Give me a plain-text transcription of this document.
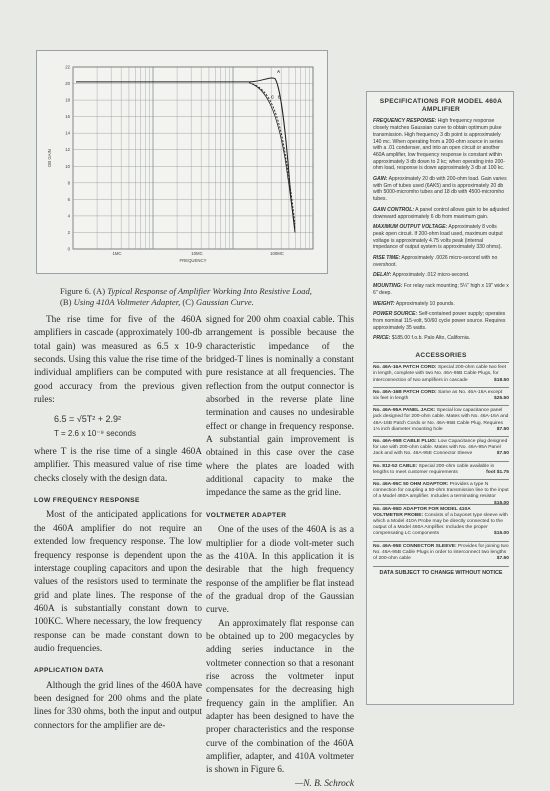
22
20
18
16
14
12
10
8
6
4
2
0
1MC	10MC	100MC
FREQUENCY
DB GAIN
A
C B
Figure 6. (A) Typical Response of Amplifier Working Into Resistive Load,
(B) Using 410A Voltmeter Adapter, (C) Gaussian Curve.

The rise time for five of the 460A amplifiers in cascade (approximately 100-db total gain) was measured as 6.5 x 10-9 seconds. Using this value the rise time of the individual amplifiers can be computed with good accuracy from the previous given rules:

6.5 = √5T² + 2.9²
T = 2.6 x 10⁻⁹ seconds

where T is the rise time of a single 460A amplifier. This measured value of rise time checks closely with the design data.

LOW FREQUENCY RESPONSE

Most of the anticipated applications for the 460A amplifier do not require an extended low frequency response. The low frequency response is dependent upon the interstage coupling capacitors and upon the values of the resistors used to terminate the grid and plate lines. The response of the 460A is substantially constant down to 100KC. Where necessary, the low frequency response can be made constant down to audio frequencies.

APPLICATION DATA

Although the grid lines of the 460A have been designed for 200 ohms and the plate lines for 330 ohms, both the input and output connectors for the amplifier are de-

signed for 200 ohm coaxial cable. This arrangement is possible because the characteristic impedance of the bridged-T lines is nominally a constant pure resistance at all frequencies. The reflection from the output connector is absorbed in the reverse plate line termination and causes no undesirable effect or change in frequency response. A substantial gain improvement is obtained in this case over the case where the plates are loaded with additional capacity to make the impedance the same as the grid line.

VOLTMETER ADAPTER

One of the uses of the 460A is as a multiplier for a diode volt-meter such as the 410A. In this application it is desirable that the high frequency response of the amplifier be flat instead of the gradual drop of the Gaussian curve.

An approximately flat response can be obtained up to 200 megacycles by adding series inductance in the voltmeter connection so that a resonant rise across the voltmeter input compensates for the decreasing high frequency gain in the amplifier. An adapter has been designed to have the proper characteristics and the response curve of the combination of the 460A amplifier, adapter, and 410A voltmeter is shown in Figure 6.

—N. B. Schrock

SPECIFICATIONS FOR MODEL 460A AMPLIFIER

FREQUENCY RESPONSE: High frequency response closely matches Gaussian curve to obtain optimum pulse transmission. High frequency 3 db point is approximately 140 mc. When operating from a 200-ohm source in series with a .01 condenser, and into an open circuit or another 460A amplifier, low frequency response is constant within approximately 3 db down to 2 kc; when operating into 200-ohm load, response is down approximately 3 db at 100 kc.

GAIN: Approximately 20 db with 200-ohm load. Gain varies with Gm of tubes used (6AK5) and is approximately 20 db with 5000-micromho tubes and 18 db with 4500-micromho tubes.

GAIN CONTROL: A panel control allows gain to be adjusted downward approximately 6 db from maximum gain.

MAXIMUM OUTPUT VOLTAGE: Approximately 8 volts peak open circuit. If 200-ohm load used, maximum output voltage is approximately 4.75 volts peak (internal impedance of output system is approximately 330 ohms).

RISE TIME: Approximately .0026 micro-second with no overshoot.

DELAY: Approximately .012 micro-second.

MOUNTING: For relay rack mounting; 5¼" high x 19" wide x 6" deep.

WEIGHT: Approximately 10 pounds.

POWER SOURCE: Self-contained power supply; operates from nominal 115-volt, 50/60 cycle power source. Requires approximately 35 watts.

PRICE: $185.00 f.o.b. Palo Alto, California.

ACCESSORIES

No. 46A-16A PATCH CORD: Special 200-ohm cable two feet in length, complete with two No. 46A-95B Cable Plugs, for interconnection of two amplifiers in cascade	$18.50

No. 46A-16B PATCH CORD: Same as No. 46A-16A except six feet in length	$25.50

No. 46A-95A PANEL JACK: Special low capacitance panel jack designed for 200-ohm cable. Mates with No. 46A-16A and 46A-16B Patch Cords or No. 46A-95B Cable Plug. Requires 1⅛ inch diameter mounting hole	$7.50

No. 46A-95B CABLE PLUG: Low Capacitance plug designed for use with 200-ohm cable. Mates with No. 46A-95A Panel Jack and with No. 46A-95E Connector Sleeve	$7.50

No. 812-52 CABLE: Special 200-ohm cable available in lengths to meet customer requirements	foot $1.75

No. 46A-95C 50 OHM ADAPTOR: Provides a type N connection for coupling a 50-ohm transmission line to the input of a Model 460A amplifier. Includes a terminating resistor
$15.00

No. 46A-95D ADAPTOR FOR MODEL 410A VOLTMETER PROBE: Consists of a bayonet type sleeve with which a Model 410A Probe may be directly connected to the output of a Model 460A Amplifier. Includes the proper compensating LC components	$15.00

No. 46A-95E CONNECTOR SLEEVE: Provides for joining two No. 46A-95B Cable Plugs in order to interconnect two lengths of 200-ohm cable	$7.50

DATA SUBJECT TO CHANGE WITHOUT NOTICE
